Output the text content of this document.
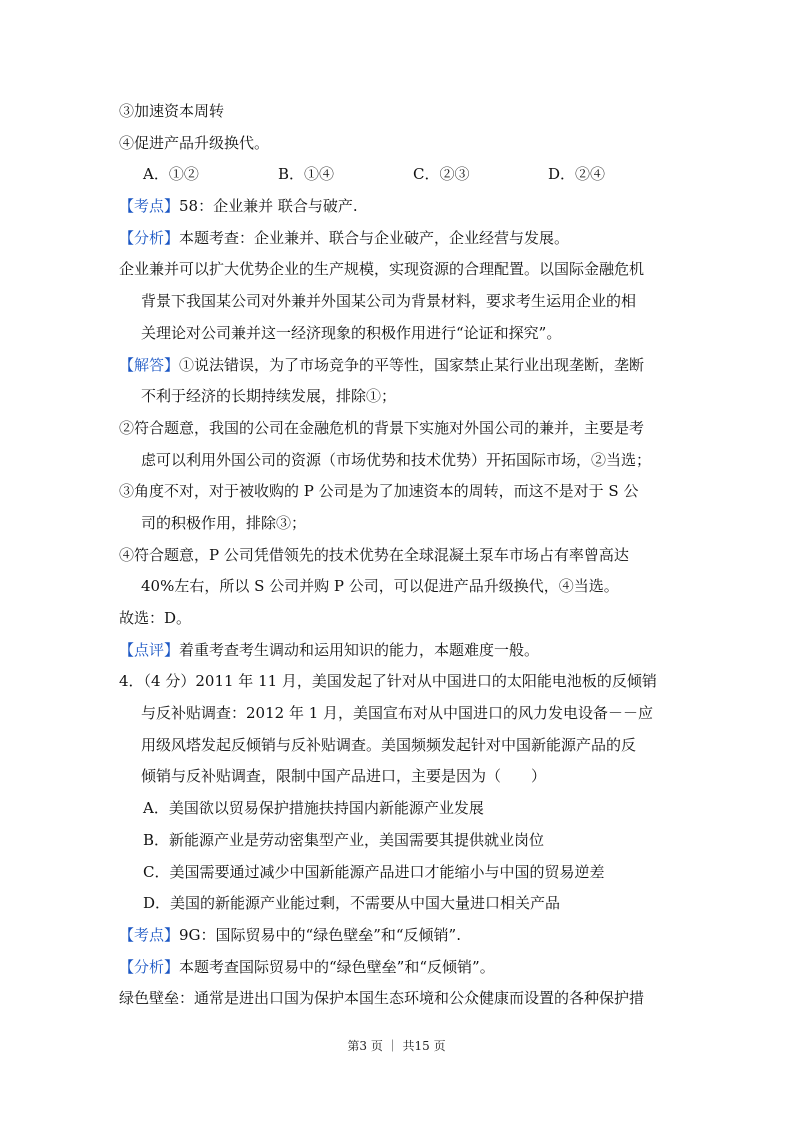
③加速资本周转
④促进产品升级换代。
A．①②	B．①④	C．②③	D．②④
【考点】58：企业兼并 联合与破产.
【分析】本题考查：企业兼并、联合与企业破产，企业经营与发展。
企业兼并可以扩大优势企业的生产规模，实现资源的合理配置。以国际金融危机
背景下我国某公司对外兼并外国某公司为背景材料，要求考生运用企业的相
关理论对公司兼并这一经济现象的积极作用进行“论证和探究”。
【解答】①说法错误，为了市场竞争的平等性，国家禁止某行业出现垄断，垄断
不利于经济的长期持续发展，排除①；
②符合题意，我国的公司在金融危机的背景下实施对外国公司的兼并，主要是考
虑可以利用外国公司的资源（市场优势和技术优势）开拓国际市场，②当选；
③角度不对，对于被收购的 P 公司是为了加速资本的周转，而这不是对于 S 公
司的积极作用，排除③；
④符合题意，P 公司凭借领先的技术优势在全球混凝土泵车市场占有率曾高达
40%左右，所以 S 公司并购 P 公司，可以促进产品升级换代，④当选。
故选：D。
【点评】着重考查考生调动和运用知识的能力，本题难度一般。
4．（4 分）2011 年 11 月，美国发起了针对从中国进口的太阳能电池板的反倾销
与反补贴调查：2012 年 1 月，美国宣布对从中国进口的风力发电设备－－应
用级风塔发起反倾销与反补贴调查。美国频频发起针对中国新能源产品的反
倾销与反补贴调查，限制中国产品进口，主要是因为（　　）
A．美国欲以贸易保护措施扶持国内新能源产业发展
B．新能源产业是劳动密集型产业，美国需要其提供就业岗位
C．美国需要通过减少中国新能源产品进口才能缩小与中国的贸易逆差
D．美国的新能源产业能过剩，不需要从中国大量进口相关产品
【考点】9G：国际贸易中的“绿色壁垒”和“反倾销”.
【分析】本题考查国际贸易中的“绿色壁垒”和“反倾销”。
绿色壁垒：通常是进出口国为保护本国生态环境和公众健康而设置的各种保护措
第3 页 ｜ 共15 页
